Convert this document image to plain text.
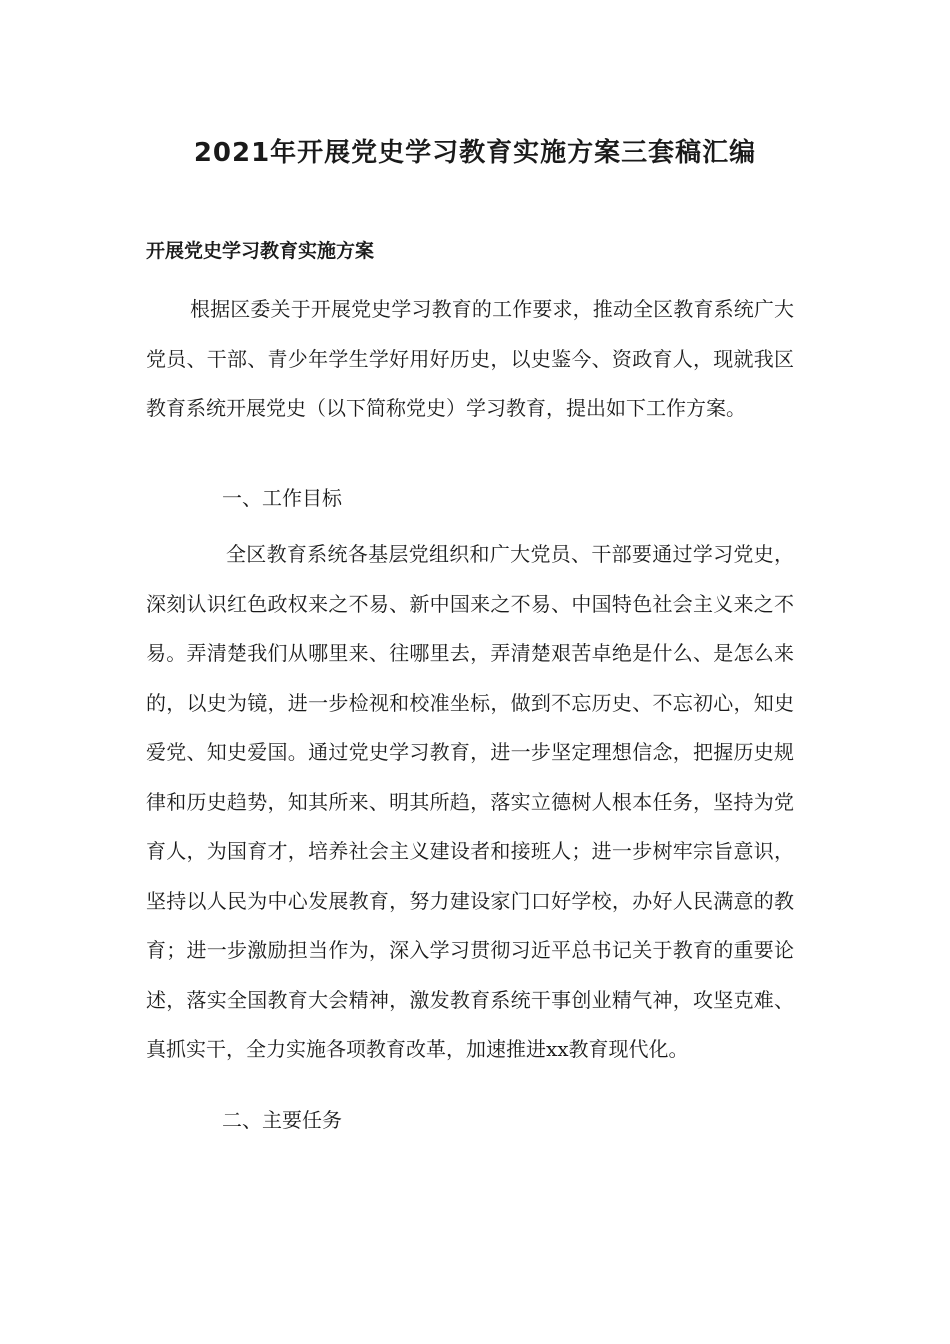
2021年开展党史学习教育实施方案三套稿汇编
开展党史学习教育实施方案

根据区委关于开展党史学习教育的工作要求，推动全区教育系统广大党员、干部、青少年学生学好用好历史，以史鉴今、资政育人，现就我区教育系统开展党史（以下简称党史）学习教育，提出如下工作方案。

一、工作目标

全区教育系统各基层党组织和广大党员、干部要通过学习党史，深刻认识红色政权来之不易、新中国来之不易、中国特色社会主义来之不易。弄清楚我们从哪里来、往哪里去，弄清楚艰苦卓绝是什么、是怎么来的，以史为镜，进一步检视和校准坐标，做到不忘历史、不忘初心，知史爱党、知史爱国。通过党史学习教育，进一步坚定理想信念，把握历史规律和历史趋势，知其所来、明其所趋，落实立德树人根本任务，坚持为党育人，为国育才，培养社会主义建设者和接班人；进一步树牢宗旨意识，坚持以人民为中心发展教育，努力建设家门口好学校，办好人民满意的教育；进一步激励担当作为，深入学习贯彻习近平总书记关于教育的重要论述，落实全国教育大会精神，激发教育系统干事创业精气神，攻坚克难、真抓实干，全力实施各项教育改革，加速推进xx教育现代化。

二、主要任务
